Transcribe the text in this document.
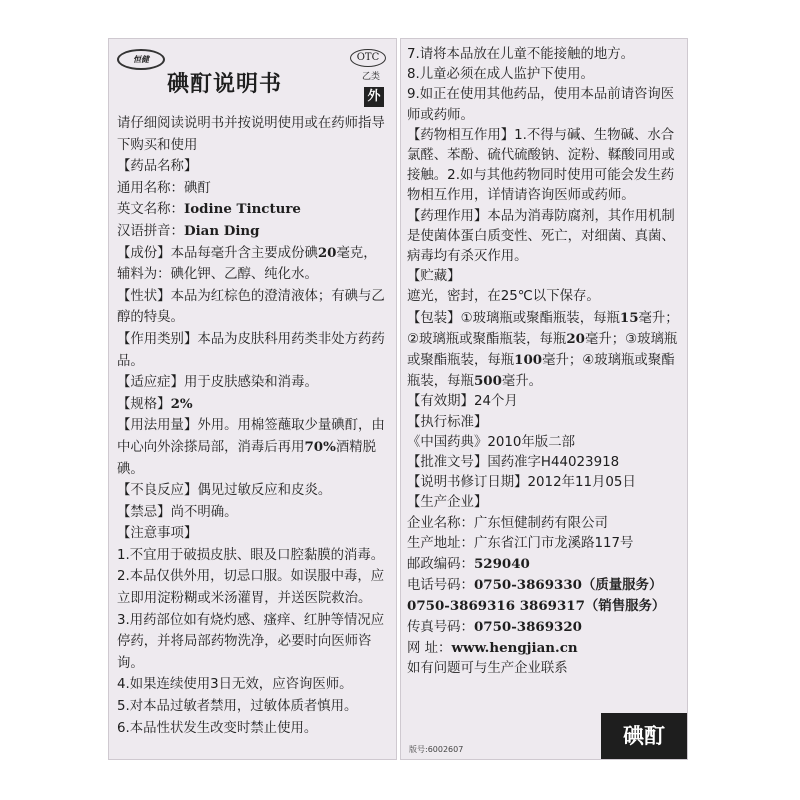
恒健
碘酊说明书
OTC
乙类
外

请仔细阅读说明书并按说明使用或在药师指导下购买和使用

【药品名称】

通用名称：碘酊

英文名称：Iodine Tincture

汉语拼音：Dian Ding

【成份】本品每毫升含主要成份碘20毫克，辅料为：碘化钾、乙醇、纯化水。

【性状】本品为红棕色的澄清液体；有碘与乙醇的特臭。

【作用类别】本品为皮肤科用药类非处方药药品。

【适应症】用于皮肤感染和消毒。

【规格】2%

【用法用量】外用。用棉签蘸取少量碘酊，由中心向外涂搽局部，消毒后再用70%酒精脱碘。

【不良反应】偶见过敏反应和皮炎。

【禁忌】尚不明确。

【注意事项】

1.不宜用于破损皮肤、眼及口腔黏膜的消毒。

2.本品仅供外用，切忌口服。如误服中毒，应立即用淀粉糊或米汤灌胃，并送医院救治。

3.用药部位如有烧灼感、瘙痒、红肿等情况应停药，并将局部药物洗净，必要时向医师咨询。

4.如果连续使用3日无效，应咨询医师。

5.对本品过敏者禁用，过敏体质者慎用。

6.本品性状发生改变时禁止使用。

7.请将本品放在儿童不能接触的地方。

8.儿童必须在成人监护下使用。

9.如正在使用其他药品，使用本品前请咨询医师或药师。

【药物相互作用】1.不得与碱、生物碱、水合氯醛、苯酚、硫代硫酸钠、淀粉、鞣酸同用或接触。2.如与其他药物同时使用可能会发生药物相互作用，详情请咨询医师或药师。

【药理作用】本品为消毒防腐剂，其作用机制是使菌体蛋白质变性、死亡，对细菌、真菌、病毒均有杀灭作用。

【贮藏】

遮光，密封，在25℃以下保存。

【包装】①玻璃瓶或聚酯瓶装，每瓶15毫升；②玻璃瓶或聚酯瓶装，每瓶20毫升；③玻璃瓶或聚酯瓶装，每瓶100毫升；④玻璃瓶或聚酯瓶装，每瓶500毫升。

【有效期】24个月

【执行标准】

《中国药典》2010年版二部

【批准文号】国药准字H44023918

【说明书修订日期】2012年11月05日

【生产企业】

企业名称：广东恒健制药有限公司

生产地址：广东省江门市龙溪路117号

邮政编码：529040

电话号码：0750-3869330（质量服务）

0750-3869316 3869317（销售服务）

传真号码：0750-3869320

网 址：www.hengjian.cn

如有问题可与生产企业联系

版号:6002607
碘酊
